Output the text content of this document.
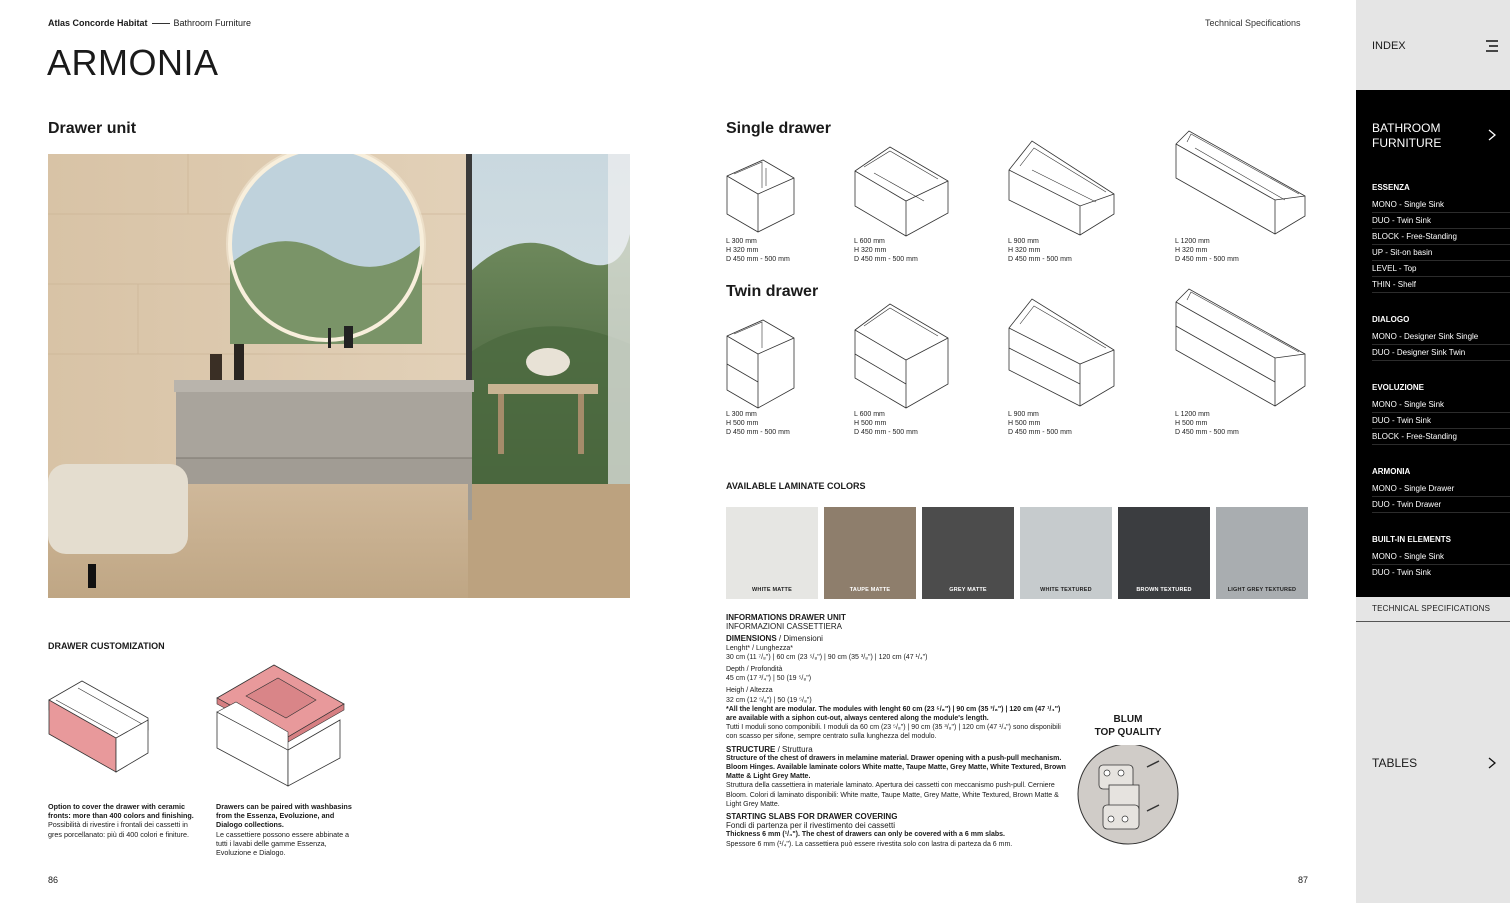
Atlas Concorde Habitat	Bathroom Furniture	Technical Specifications
ARMONIA
Drawer unit
DRAWER CUSTOMIZATION
Option to cover the drawer with ceramic fronts: more than 400 colors and finishing.
Possibilità di rivestire i frontali dei cassetti in gres porcellanato: più di 400 colori e finiture.
Drawers can be paired with washbasins from the Essenza, Evoluzione, and Dialogo collections.
Le cassettiere possono essere abbinate a tutti i lavabi delle gamme Essenza, Evoluzione e Dialogo.
86
Single drawer
L 300 mm
H 320 mm
D 450 mm - 500 mm
L 600 mm
H 320 mm
D 450 mm - 500 mm
L 900 mm
H 320 mm
D 450 mm - 500 mm
L 1200 mm
H 320 mm
D 450 mm - 500 mm
Twin drawer
L 300 mm
H 500 mm
D 450 mm - 500 mm
L 600 mm
H 500 mm
D 450 mm - 500 mm
L 900 mm
H 500 mm
D 450 mm - 500 mm
L 1200 mm
H 500 mm
D 450 mm - 500 mm
AVAILABLE LAMINATE COLORS
WHITE MATTE	TAUPE MATTE	GREY MATTE	WHITE TEXTURED	BROWN TEXTURED	LIGHT GREY TEXTURED
INFORMATIONS DRAWER UNIT
INFORMAZIONI CASSETTIERA
DIMENSIONS / Dimensioni
Lenght* / Lunghezza*
30 cm (11 ⁷/₈") | 60 cm (23 ⁵/₈") | 90 cm (35 ³/₈") | 120 cm (47 ¹/₄")
Depth / Profondità
45 cm (17 ³/₄") | 50 (19 ⁵/₈")
Heigh / Altezza
32 cm (12 ⁵/₈") | 50 (19 ⁵/₈")
*All the lenght are modular. The modules with lenght 60 cm (23 ⁵/₈") | 90 cm (35 ³/₈") | 120 cm (47 ¹/₄") are available with a siphon cut-out, always centered along the module's length.
Tutti I moduli sono componibili. I moduli da 60 cm (23 ⁵/₈") | 90 cm (35 ³/₈") | 120 cm (47 ¹/₄") sono disponibili con scasso per sifone, sempre centrato sulla lunghezza del modulo.
STRUCTURE / Struttura
Structure of the chest of drawers in melamine material. Drawer opening with a push-pull mechanism. Bloom Hinges. Available laminate colors White matte, Taupe Matte, Grey Matte, White Textured, Brown Matte & Light Grey Matte.
Struttura della cassettiera in materiale laminato. Apertura dei cassetti con meccanismo push-pull. Cerniere Bloom. Colori di laminato disponibili: White matte, Taupe Matte, Grey Matte, White Textured, Brown Matte & Light Grey Matte.
STARTING SLABS FOR DRAWER COVERING
Fondi di partenza per il rivestimento dei cassetti
Thickness 6 mm (¹/₄"). The chest of drawers can only be covered with a 6 mm slabs.
Spessore 6 mm (¹/₄"). La cassettiera può essere rivestita solo con lastra di parteza da 6 mm.
BLUM
TOP QUALITY
87
INDEX
BATHROOM FURNITURE
ESSENZA
MONO - Single Sink
DUO - Twin Sink
BLOCK - Free-Standing
UP - Sit-on basin
LEVEL - Top
THIN - Shelf
DIALOGO
MONO - Designer Sink Single
DUO - Designer Sink Twin
EVOLUZIONE
MONO - Single Sink
DUO - Twin Sink
BLOCK - Free-Standing
ARMONIA
MONO - Single Drawer
DUO - Twin Drawer
BUILT-IN ELEMENTS
MONO - Single Sink
DUO - Twin Sink
TECHNICAL SPECIFICATIONS
TABLES
